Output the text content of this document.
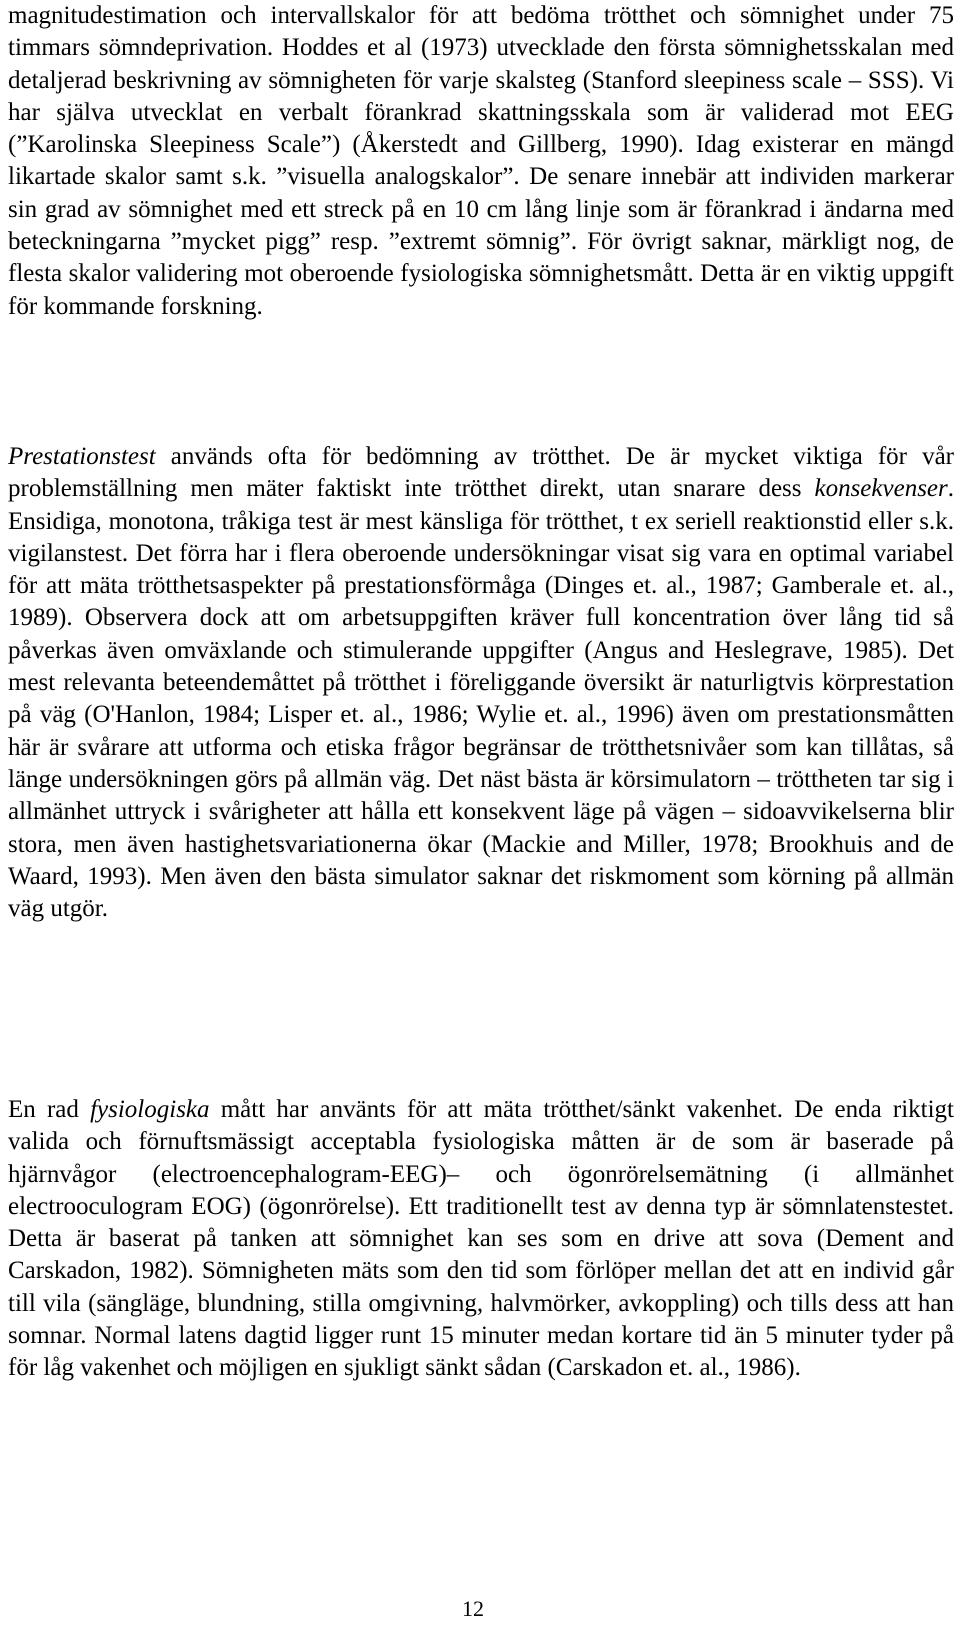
magnitudestimation och intervallskalor för att bedöma trötthet och sömnighet under 75 timmars sömndeprivation. Hoddes et al (1973) utvecklade den första sömnighetsskalan med detaljerad beskrivning av sömnigheten för varje skalsteg (Stanford sleepiness scale – SSS). Vi har själva utvecklat en verbalt förankrad skattningsskala som är validerad mot EEG (”Karolinska Sleepiness Scale”) (Åkerstedt and Gillberg, 1990). Idag existerar en mängd likartade skalor samt s.k. ”visuella analogskalor”. De senare innebär att individen markerar sin grad av sömnighet med ett streck på en 10 cm lång linje som är förankrad i ändarna med beteckningarna ”mycket pigg” resp. ”extremt sömnig”. För övrigt saknar, märkligt nog, de flesta skalor validering mot oberoende fysiologiska sömnighetsmått. Detta är en viktig uppgift för kommande forskning.

Prestationstest används ofta för bedömning av trötthet. De är mycket viktiga för vår problemställning men mäter faktiskt inte trötthet direkt, utan snarare dess konsekvenser. Ensidiga, monotona, tråkiga test är mest känsliga för trötthet, t ex seriell reaktionstid eller s.k. vigilanstest. Det förra har i flera oberoende undersökningar visat sig vara en optimal variabel för att mäta trötthetsaspekter på prestationsförmåga (Dinges et. al., 1987; Gamberale et. al., 1989). Observera dock att om arbetsuppgiften kräver full koncentration över lång tid så påverkas även omväxlande och stimulerande uppgifter (Angus and Heslegrave, 1985). Det mest relevanta beteendemåttet på trötthet i föreliggande översikt är naturligtvis körprestation på väg (O'Hanlon, 1984; Lisper et. al., 1986; Wylie et. al., 1996) även om prestationsmåtten här är svårare att utforma och etiska frågor begränsar de trötthetsnivåer som kan tillåtas, så länge undersökningen görs på allmän väg. Det näst bästa är körsimulatorn – tröttheten tar sig i allmänhet uttryck i svårigheter att hålla ett konsekvent läge på vägen – sidoavvikelserna blir stora, men även hastighetsvariationerna ökar (Mackie and Miller, 1978; Brookhuis and de Waard, 1993). Men även den bästa simulator saknar det riskmoment som körning på allmän väg utgör.

En rad fysiologiska mått har använts för att mäta trötthet/sänkt vakenhet. De enda riktigt valida och förnuftsmässigt acceptabla fysiologiska måtten är de som är baserade på hjärnvågor (electroencephalogram-EEG)– och ögonrörelsemätning (i allmänhet electrooculogram EOG) (ögonrörelse). Ett traditionellt test av denna typ är sömnlatenstestet. Detta är baserat på tanken att sömnighet kan ses som en drive att sova (Dement and Carskadon, 1982). Sömnigheten mäts som den tid som förlöper mellan det att en individ går till vila (sängläge, blundning, stilla omgivning, halvmörker, avkoppling) och tills dess att han somnar. Normal latens dagtid ligger runt 15 minuter medan kortare tid än 5 minuter tyder på för låg vakenhet och möjligen en sjukligt sänkt sådan (Carskadon et. al., 1986).

12
